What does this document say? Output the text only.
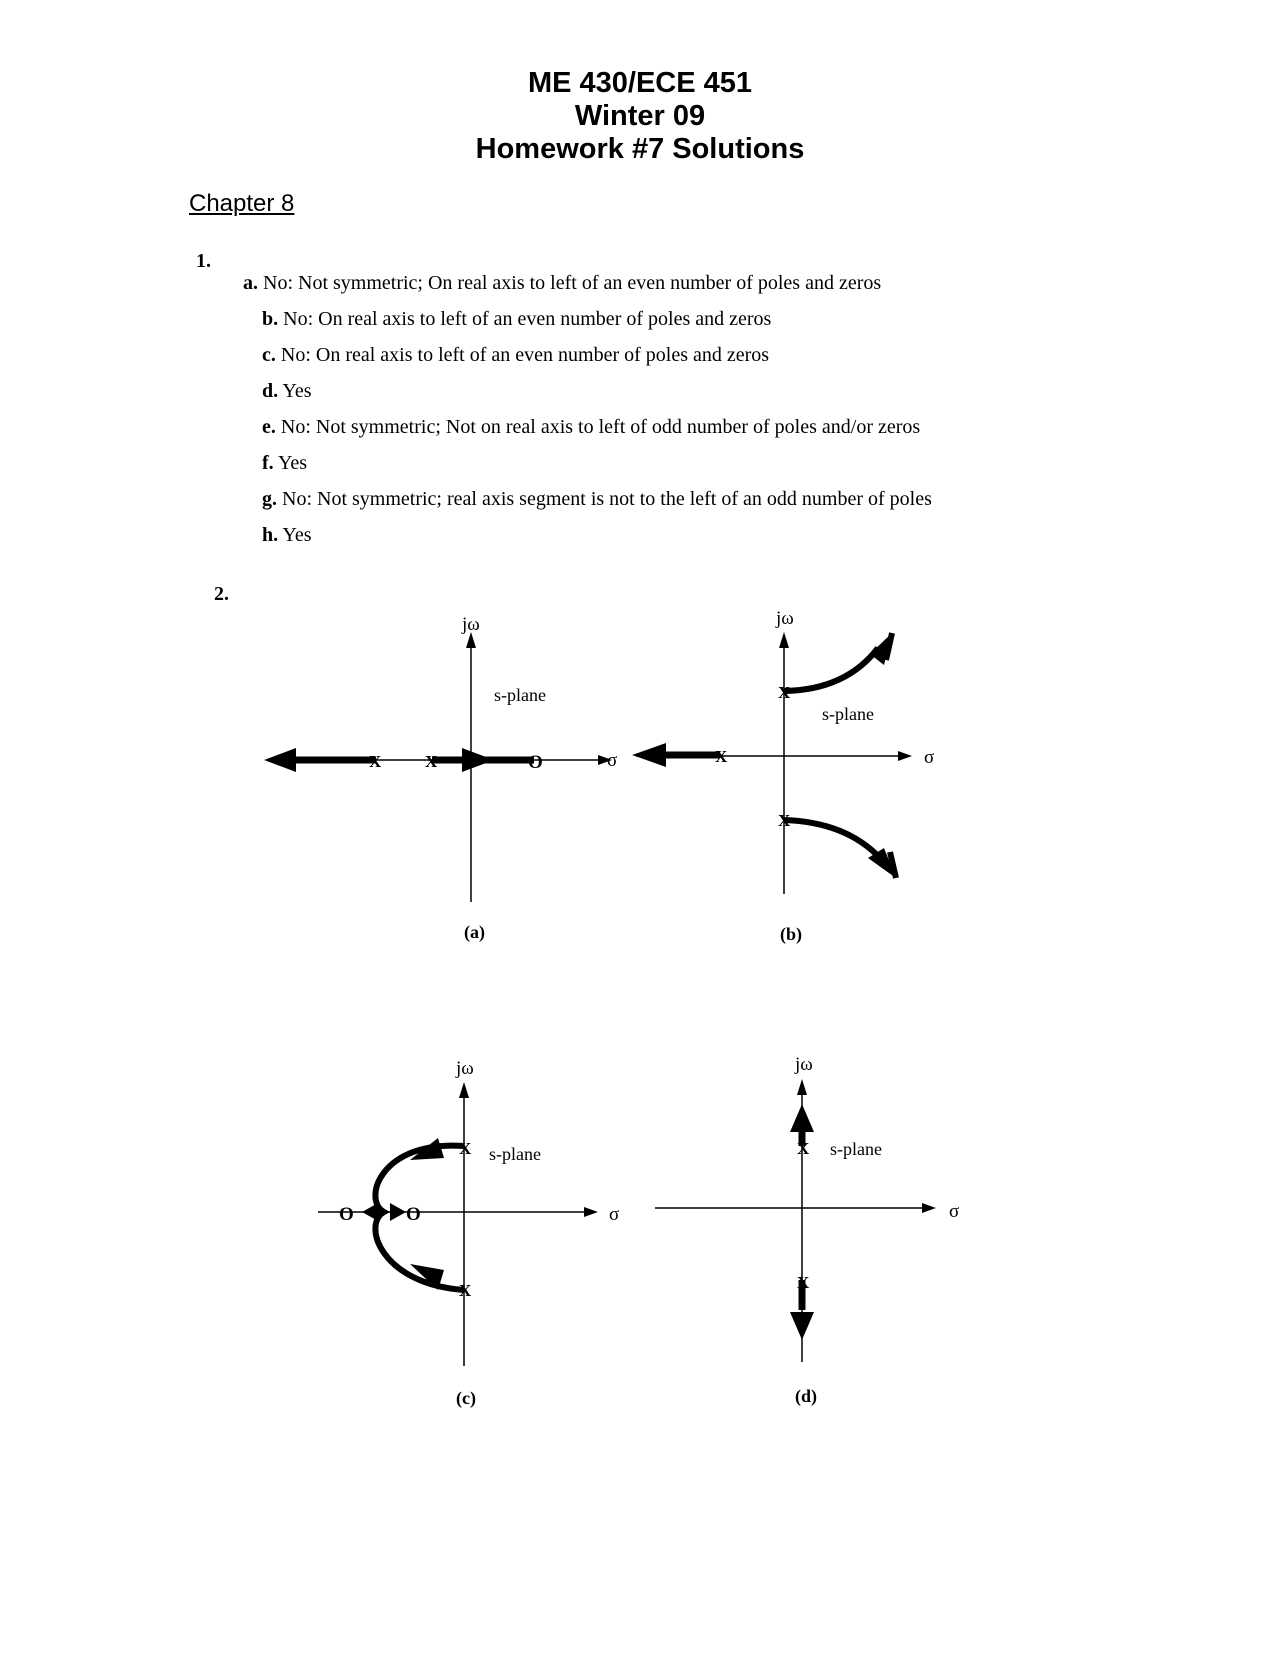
ME 430/ECE 451
Winter 09
Homework #7 Solutions
Chapter 8
1.
a. No: Not symmetric; On real axis to left of an even number of poles and zeros
b. No: On real axis to left of an even number of poles and zeros
c. No: On real axis to left of an even number of poles and zeros
d. Yes
e. No: Not symmetric; Not on real axis to left of odd number of poles and/or zeros
f. Yes
g. No: Not symmetric; real axis segment is not to the left of an odd number of poles
h. Yes
2.
jω
σ
s-plane
X	X	O
(a)
jω
σ
s-plane
X
X
X
(b)
jω
σ
s-plane
O	O
X
X
(c)
jω
σ
s-plane
X
X
(d)
